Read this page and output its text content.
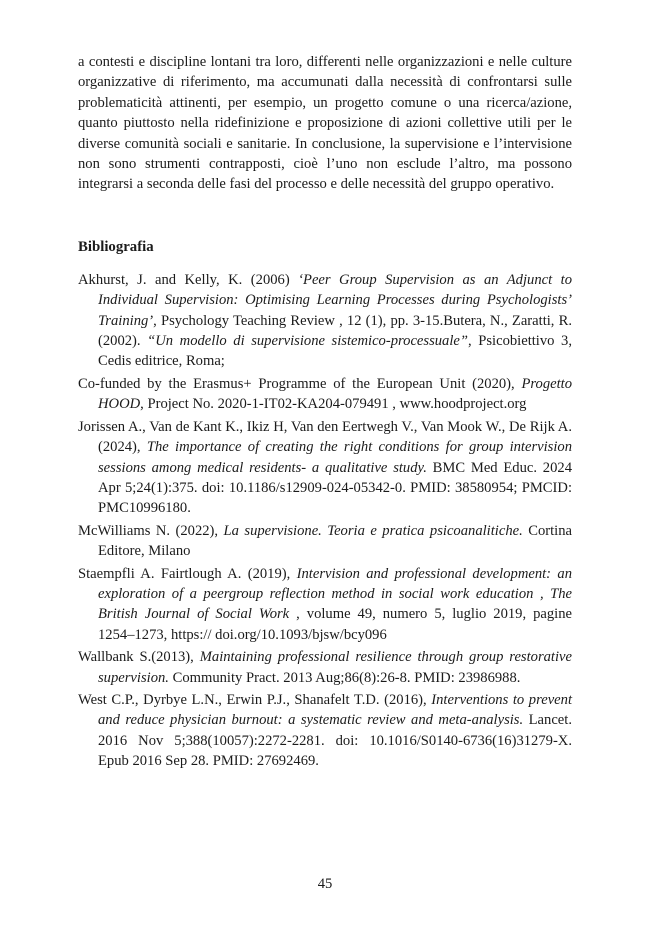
a contesti e discipline lontani tra loro, differenti nelle organizzazioni e nelle culture organizzative di riferimento, ma accumunati dalla necessità di confrontarsi sulle problematicità attinenti, per esempio, un progetto comune o una ricerca/azione, quanto piuttosto nella ridefinizione e proposizione di azioni collettive utili per le diverse comunità sociali e sanitarie. In conclusione, la supervisione e l’intervisione non sono strumenti contrapposti, cioè l’uno non esclude l’altro, ma possono integrarsi a seconda delle fasi del processo e delle necessità del gruppo operativo.

Bibliografia
Akhurst, J. and Kelly, K. (2006) ‘Peer Group Supervision as an Adjunct to Individual Supervision: Optimising Learning Processes during Psychologists’ Training’, Psychology Teaching Review , 12 (1), pp. 3-15.Butera, N., Zaratti, R. (2002). “Un modello di supervisione sistemico-processuale”, Psicobiettivo 3, Cedis editrice, Roma;
Co-funded by the Erasmus+ Programme of the European Unit (2020), Progetto HOOD, Project No. 2020-1-IT02-KA204-079491 , www.hoodproject.org
Jorissen A., Van de Kant K., Ikiz H, Van den Eertwegh V., Van Mook W., De Rijk A. (2024), The importance of creating the right conditions for group intervision sessions among medical residents- a qualitative study. BMC Med Educ. 2024 Apr 5;24(1):375. doi: 10.1186/s12909-024-05342-0. PMID: 38580954; PMCID: PMC10996180.
McWilliams N. (2022), La supervisione. Teoria e pratica psicoanalitiche. Cortina Editore, Milano
Staempfli A. Fairtlough A. (2019), Intervision and professional development: an exploration of a peergroup reflection method in social work education , The British Journal of Social Work , volume 49, numero 5, luglio 2019, pagine 1254–1273, https:// doi.org/10.1093/bjsw/bcy096
Wallbank S.(2013), Maintaining professional resilience through group restorative supervision. Community Pract. 2013 Aug;86(8):26-8. PMID: 23986988.
West C.P., Dyrbye L.N., Erwin P.J., Shanafelt T.D. (2016), Interventions to prevent and reduce physician burnout: a systematic review and meta-analysis. Lancet. 2016 Nov 5;388(10057):2272-2281. doi: 10.1016/S0140-6736(16)31279-X. Epub 2016 Sep 28. PMID: 27692469.
45
